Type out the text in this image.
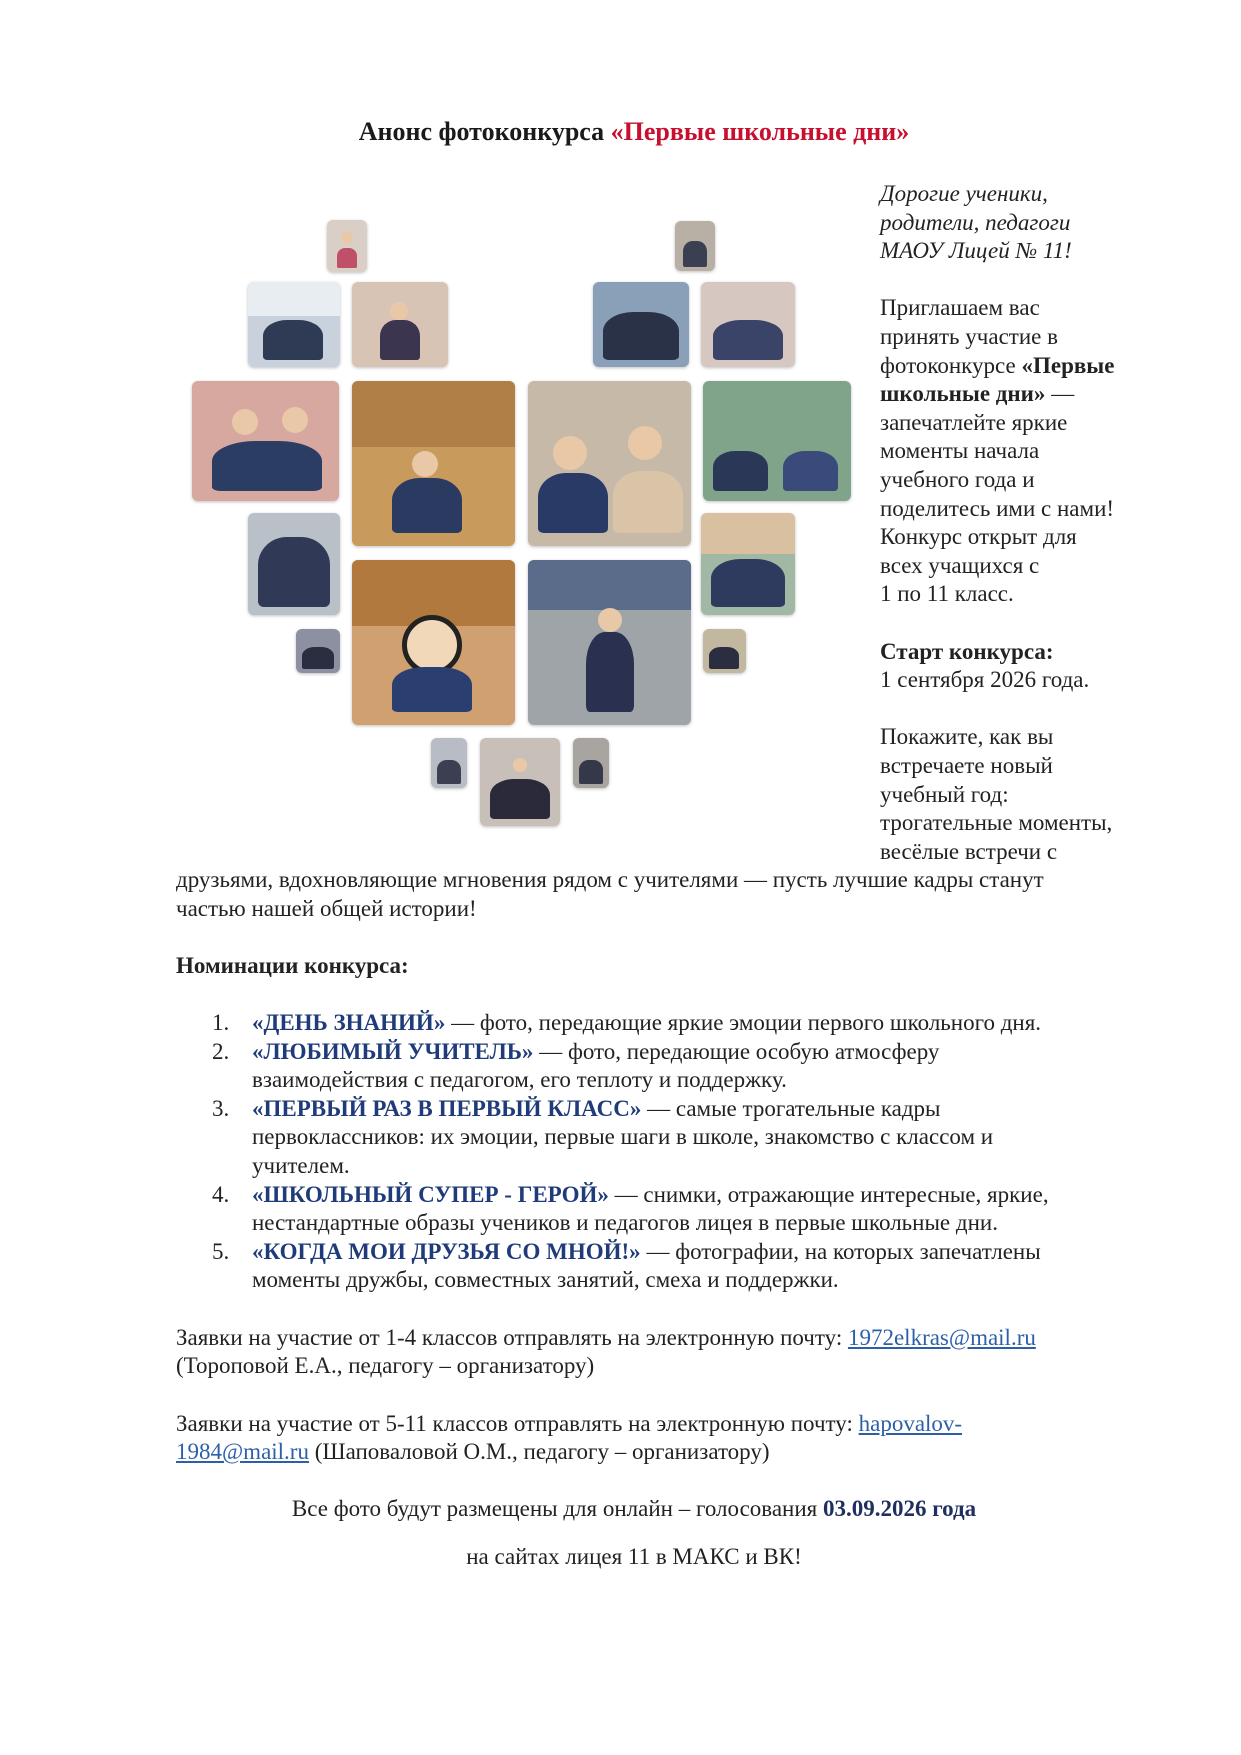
Анонс фотоконкурса «Первые школьные дни»
Дорогие ученики,
родители, педагоги
МАОУ Лицей № 11!
Приглашаем вас
принять участие в
фотоконкурсе «Первые
школьные дни» —
запечатлейте яркие
моменты начала
учебного года и
поделитесь ими с нами!
Конкурс открыт для
всех учащихся с
1 по 11 класс.
Старт конкурса:
1 сентября 2026 года.
Покажите, как вы
встречаете новый
учебный год:
трогательные моменты,
весёлые встречи с
друзьями, вдохновляющие мгновения рядом с учителями — пусть лучшие кадры станут
частью нашей общей истории!
Номинации конкурса:
1. «ДЕНЬ ЗНАНИЙ» — фото, передающие яркие эмоции первого школьного дня.
2. «ЛЮБИМЫЙ УЧИТЕЛЬ» — фото, передающие особую атмосферу
взаимодействия с педагогом, его теплоту и поддержку.
3. «ПЕРВЫЙ РАЗ В ПЕРВЫЙ КЛАСС» — самые трогательные кадры
первоклассников: их эмоции, первые шаги в школе, знакомство с классом и
учителем.
4. «ШКОЛЬНЫЙ СУПЕР - ГЕРОЙ» — снимки, отражающие интересные, яркие,
нестандартные образы учеников и педагогов лицея в первые школьные дни.
5. «КОГДА МОИ ДРУЗЬЯ СО МНОЙ!» — фотографии, на которых запечатлены
моменты дружбы, совместных занятий, смеха и поддержки.
Заявки на участие от 1-4 классов отправлять на электронную почту: 1972elkras@mail.ru
(Тороповой Е.А., педагогу – организатору)
Заявки на участие от 5-11 классов отправлять на электронную почту: hapovalov-
1984@mail.ru (Шаповаловой О.М., педагогу – организатору)
Все фото будут размещены для онлайн – голосования 03.09.2026 года
на сайтах лицея 11 в МАКС и ВК!
